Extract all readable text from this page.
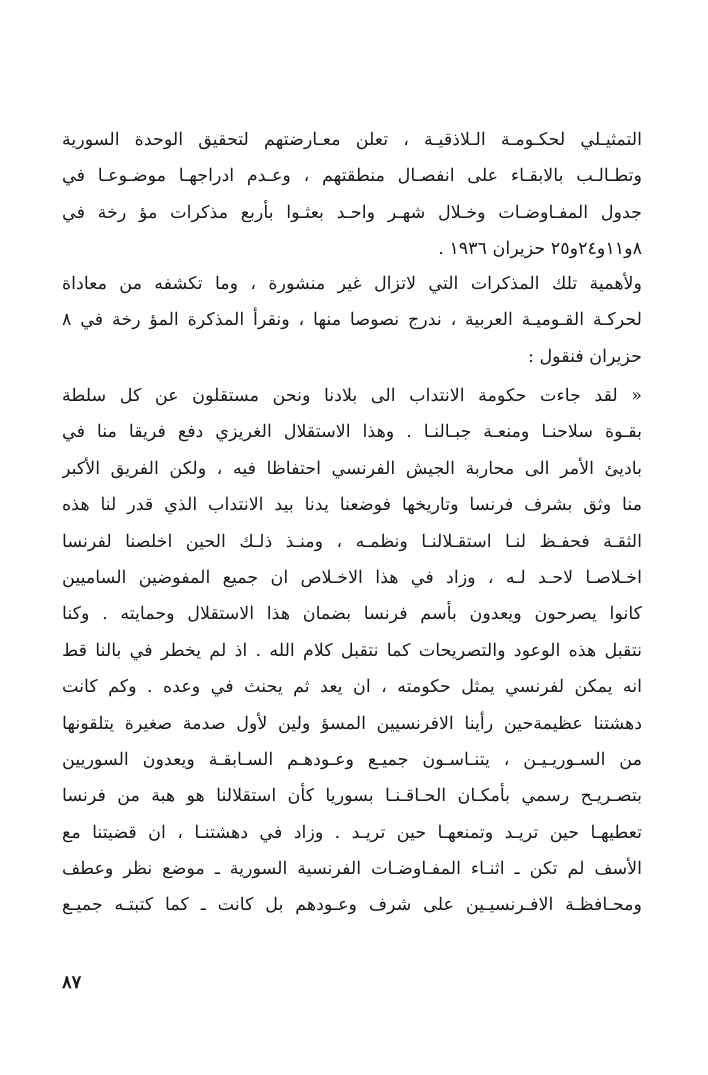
التمثيـلي لحكـومـة الـلاذقيـة ، تعلن معـارضتهم لتحقيق الوحدة السورية
وتطـالـب بالابقـاء على انفصـال منطقتهم ، وعـدم ادراجهـا موضـوعـا في
جدول المفـاوضـات وخـلال شهـر واحـد بعثـوا بأربع مذكرات مؤ رخة في
٨و١١و٢٤و٢٥ حزيران ١٩٣٦ .
ولأهمية تلك المذكرات التي لاتزال غير منشورة ، وما تكشفه من معاداة
لحركـة القـوميـة العربية ، ندرج نصوصا منها ، ونقرأ المذكرة المؤ رخة في ٨
حزيران فنقول :
« لقد جاءت حكومة الانتداب الى بلادنا ونحن مستقلون عن كل سلطة
بقـوة سلاحنـا ومنعـة جبـالنـا . وهذا الاستقلال الغريزي دفع فريقا منا في
باديئ الأمر الى محاربة الجيش الفرنسي احتفاظا فيه ، ولكن الفريق الأكبر
منا وثق بشرف فرنسا وتاريخها فوضعنا يدنا بيد الانتداب الذي قدر لنا هذه
الثقـة فحفـظ لنـا استقـلالنـا ونظمـه ، ومنـذ ذلـك الحين اخلصنا لفرنسا
اخـلاصـا لاحـد لـه ، وزاد في هذا الاخـلاص ان جميع المفوضين الساميين
كانوا يصرحون ويعدون بأسم فرنسا بضمان هذا الاستقلال وحمايته . وكنا
نتقبل هذه الوعود والتصريحات كما نتقبل كلام الله . اذ لم يخطر في بالنا قط
انه يمكن لفرنسي يمثل حكومته ، ان يعد ثم يحنث في وعده . وكم كانت
دهشتنا عظيمةحين رأينا الافرنسيين المسؤ ولين لأول صدمة صغيرة يتلقونها
من السـوريـيـن ، يتنـاسـون جميـع وعـودهـم السـابقـة ويعدون السوريين
بتصـريـح رسمي بأمكـان الحـاقـنـا بسوريا كأن استقلالنا هو هبة من فرنسا
تعطيهـا حين تريـد وتمنعهـا حين تريـد . وزاد في دهشتنـا ، ان قضيتنا مع
الأسف لم تكن ـ اثنـاء المفـاوضـات الفرنسية السورية ـ موضع نظر وعطف
ومحـافظـة الافـرنسيـين على شرف وعـودهم بل كانت ـ كما كتبتـه جميـع
٨٧
